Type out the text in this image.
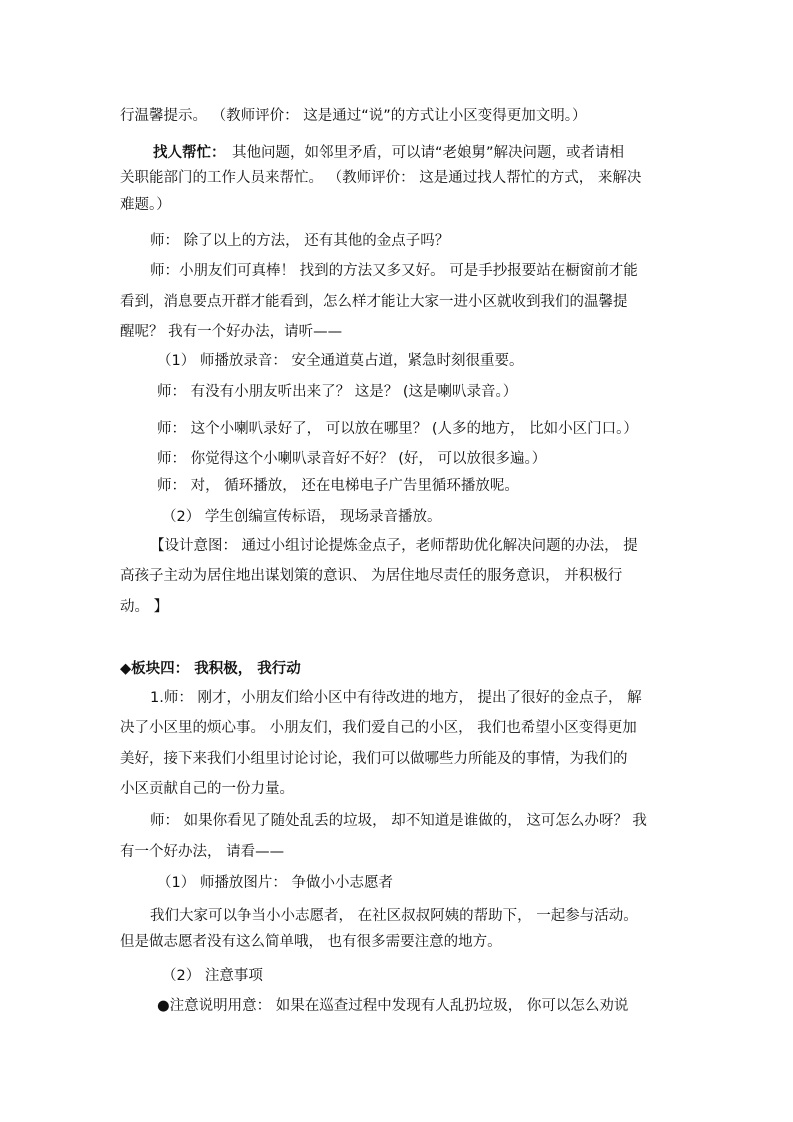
行温馨提示。 （教师评价： 这是通过“说”的方式让小区变得更加文明。）
找人帮忙： 其他问题，如邻里矛盾，可以请“老娘舅”解决问题，或者请相
关职能部门的工作人员来帮忙。 （教师评价： 这是通过找人帮忙的方式， 来解决
难题。）
师： 除了以上的方法， 还有其他的金点子吗？
师：小朋友们可真棒！ 找到的方法又多又好。 可是手抄报要站在橱窗前才能
看到，消息要点开群才能看到，怎么样才能让大家一进小区就收到我们的温馨提
醒呢？ 我有一个好办法，请听——
（1） 师播放录音： 安全通道莫占道，紧急时刻很重要。
师： 有没有小朋友听出来了？ 这是？ (这是喇叭录音。）
师： 这个小喇叭录好了， 可以放在哪里？ (人多的地方， 比如小区门口。）
师： 你觉得这个小喇叭录音好不好？ (好， 可以放很多遍。）
师： 对， 循环播放， 还在电梯电子广告里循环播放呢。
（2） 学生创编宣传标语， 现场录音播放。
【设计意图： 通过小组讨论提炼金点子，老师帮助优化解决问题的办法， 提
高孩子主动为居住地出谋划策的意识、 为居住地尽责任的服务意识， 并积极行
动。 】
◆板块四： 我积极， 我行动
1.师： 刚才，小朋友们给小区中有待改进的地方， 提出了很好的金点子， 解
决了小区里的烦心事。 小朋友们，我们爱自己的小区， 我们也希望小区变得更加
美好，接下来我们小组里讨论讨论，我们可以做哪些力所能及的事情，为我们的
小区贡献自己的一份力量。
师： 如果你看见了随处乱丢的垃圾， 却不知道是谁做的， 这可怎么办呀？ 我
有一个好办法， 请看——
（1） 师播放图片： 争做小小志愿者
我们大家可以争当小小志愿者， 在社区叔叔阿姨的帮助下， 一起参与活动。
但是做志愿者没有这么简单哦， 也有很多需要注意的地方。
（2） 注意事项
●注意说明用意： 如果在巡查过程中发现有人乱扔垃圾， 你可以怎么劝说
